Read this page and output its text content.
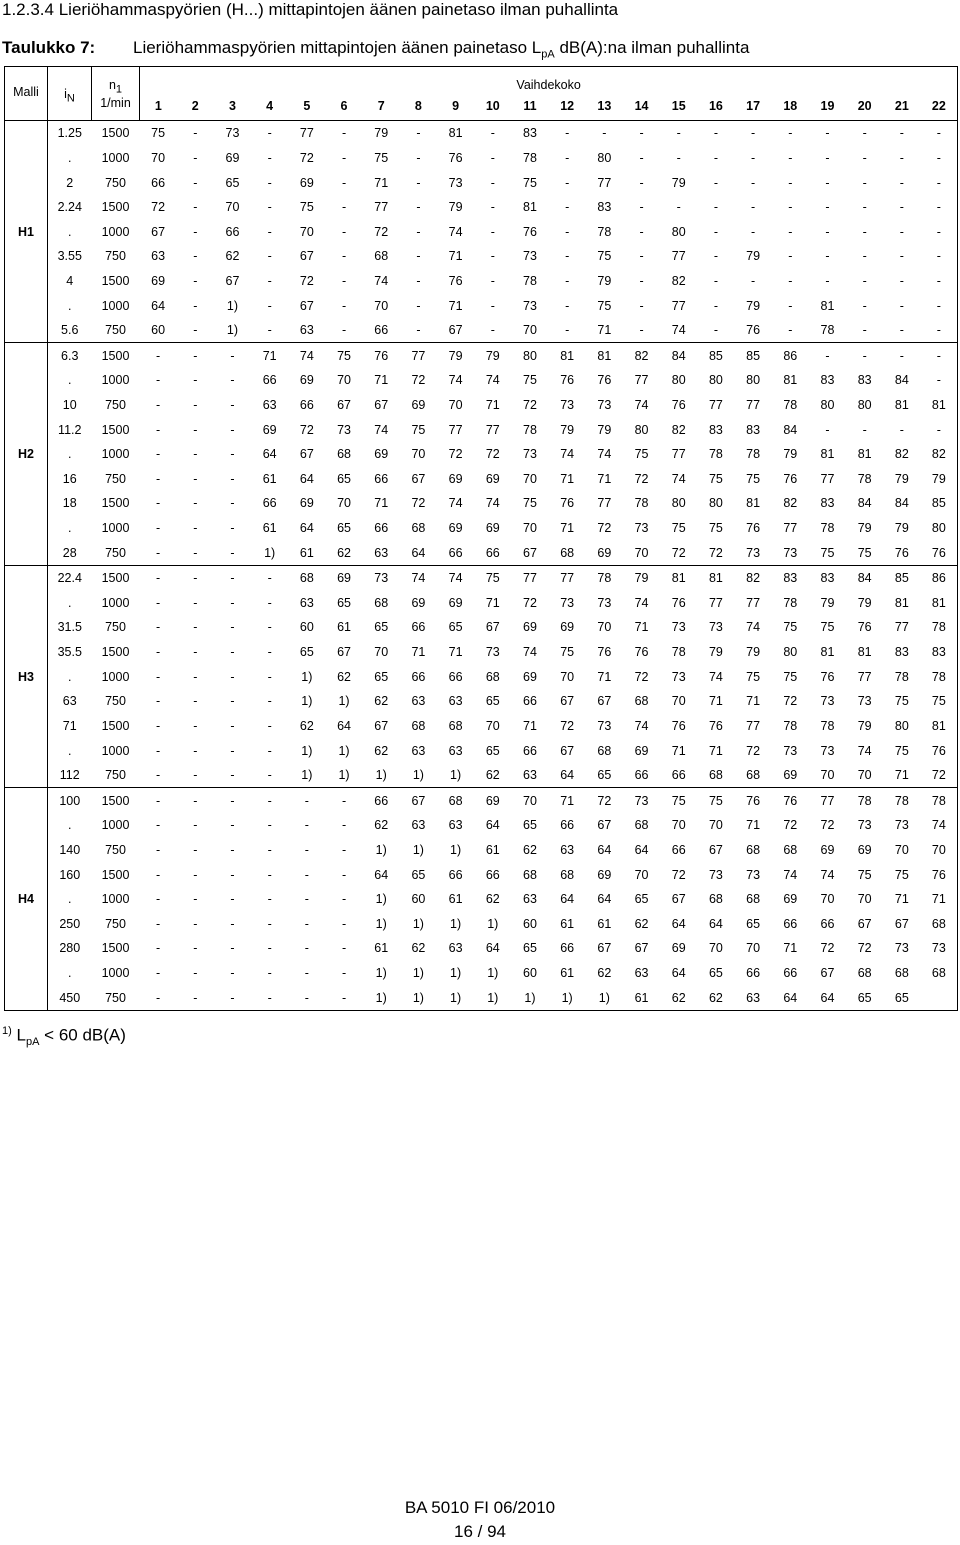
1.2.3.4 Lieriöhammaspyörien (H...) mittapintojen äänen painetaso ilman puhallinta
Taulukko 7: Lieriöhammaspyörien mittapintojen äänen painetaso $L_{pA}$ dB(A):na ilman puhallinta
Malli	$i_N$	$n_1$
1/min	Vaihdekoko																					
			1	2	3	4	5	6	7	8	9	10	11	12	13	14	15	16	17	18	19	20	21	22
H1	1.25	1500	75	-	73	-	77	-	79	-	81	-	83	-	-	-	-	-	-	-	-	-	-	-
	.	1000	70	-	69	-	72	-	75	-	76	-	78	-	80	-	-	-	-	-	-	-	-	-
	2	750	66	-	65	-	69	-	71	-	73	-	75	-	77	-	79	-	-	-	-	-	-	-
	2.24	1500	72	-	70	-	75	-	77	-	79	-	81	-	83	-	-	-	-	-	-	-	-	-
	.	1000	67	-	66	-	70	-	72	-	74	-	76	-	78	-	80	-	-	-	-	-	-	-
	3.55	750	63	-	62	-	67	-	68	-	71	-	73	-	75	-	77	-	79	-	-	-	-	-
	4	1500	69	-	67	-	72	-	74	-	76	-	78	-	79	-	82	-	-	-	-	-	-	-
	.	1000	64	-	1)	-	67	-	70	-	71	-	73	-	75	-	77	-	79	-	81	-	-	-
	5.6	750	60	-	1)	-	63	-	66	-	67	-	70	-	71	-	74	-	76	-	78	-	-	-
H2	6.3	1500	-	-	-	71	74	75	76	77	79	79	80	81	81	82	84	85	85	86	-	-	-	-
	.	1000	-	-	-	66	69	70	71	72	74	74	75	76	76	77	80	80	80	81	83	83	84	-
	10	750	-	-	-	63	66	67	67	69	70	71	72	73	73	74	76	77	77	78	80	80	81	81
	11.2	1500	-	-	-	69	72	73	74	75	77	77	78	79	79	80	82	83	83	84	-	-	-	-
	.	1000	-	-	-	64	67	68	69	70	72	72	73	74	74	75	77	78	78	79	81	81	82	82
	16	750	-	-	-	61	64	65	66	67	69	69	70	71	71	72	74	75	75	76	77	78	79	79
	18	1500	-	-	-	66	69	70	71	72	74	74	75	76	77	78	80	80	81	82	83	84	84	85
	.	1000	-	-	-	61	64	65	66	68	69	69	70	71	72	73	75	75	76	77	78	79	79	80
	28	750	-	-	-	1)	61	62	63	64	66	66	67	68	69	70	72	72	73	73	75	75	76	76
H3	22.4	1500	-	-	-	-	68	69	73	74	74	75	77	77	78	79	81	81	82	83	83	84	85	86
	.	1000	-	-	-	-	63	65	68	69	69	71	72	73	73	74	76	77	77	78	79	79	81	81
	31.5	750	-	-	-	-	60	61	65	66	65	67	69	69	70	71	73	73	74	75	75	76	77	78
	35.5	1500	-	-	-	-	65	67	70	71	71	73	74	75	76	76	78	79	79	80	81	81	83	83
	.	1000	-	-	-	-	1)	62	65	66	66	68	69	70	71	72	73	74	75	75	76	77	78	78
	63	750	-	-	-	-	1)	1)	62	63	63	65	66	67	67	68	70	71	71	72	73	73	75	75
	71	1500	-	-	-	-	62	64	67	68	68	70	71	72	73	74	76	76	77	78	78	79	80	81
	.	1000	-	-	-	-	1)	1)	62	63	63	65	66	67	68	69	71	71	72	73	73	74	75	76
	112	750	-	-	-	-	1)	1)	1)	1)	1)	62	63	64	65	66	66	68	68	69	70	70	71	72
H4	100	1500	-	-	-	-	-	-	66	67	68	69	70	71	72	73	75	75	76	76	77	78	78	78
	.	1000	-	-	-	-	-	-	62	63	63	64	65	66	67	68	70	70	71	72	72	73	73	74
	140	750	-	-	-	-	-	-	1)	1)	1)	61	62	63	64	64	66	67	68	68	69	69	70	70
	160	1500	-	-	-	-	-	-	64	65	66	66	68	68	69	70	72	73	73	74	74	75	75	76
	.	1000	-	-	-	-	-	-	1)	60	61	62	63	64	64	65	67	68	68	69	70	70	71	71
	250	750	-	-	-	-	-	-	1)	1)	1)	1)	60	61	61	62	64	64	65	66	66	67	67	68
	280	1500	-	-	-	-	-	-	61	62	63	64	65	66	67	67	69	70	70	71	72	72	73	73
	.	1000	-	-	-	-	-	-	1)	1)	1)	1)	60	61	62	63	64	65	66	66	67	68	68	68
	450	750	-	-	-	-	-	-	1)	1)	1)	1)	1)	1)	1)	61	62	62	63	64	64	65	65	
$^{1)}$ $L_{pA} < 60$ dB(A)
BA 5010 FI 06/2010
16 / 94
